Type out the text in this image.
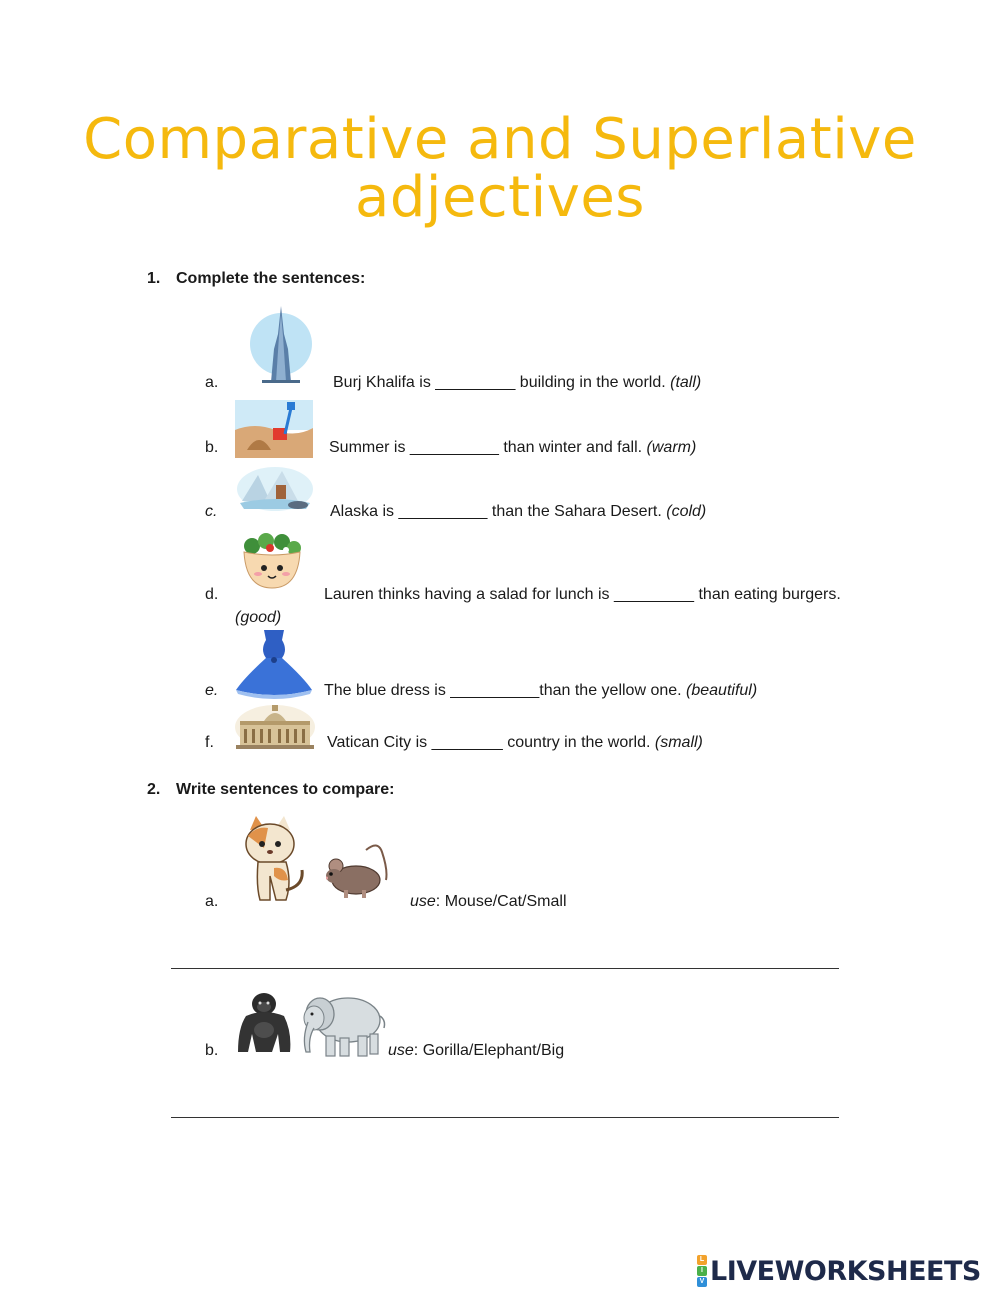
Comparative and Superlative
adjectives
1. Complete the sentences:
a.	Burj Khalifa is _________ building in the world. (tall)
b.	Summer is __________ than winter and fall. (warm)
c.	Alaska is __________ than the Sahara Desert. (cold)
d.	Lauren thinks having a salad for lunch is _________ than eating burgers.
(good)
e.	The blue dress is __________than the yellow one. (beautiful)
f.	Vatican City is ________ country in the world. (small)
2. Write sentences to compare:
a.	use: Mouse/Cat/Small
b.	use: Gorilla/Elephant/Big
L
I
V LIVEWORKSHEETS
